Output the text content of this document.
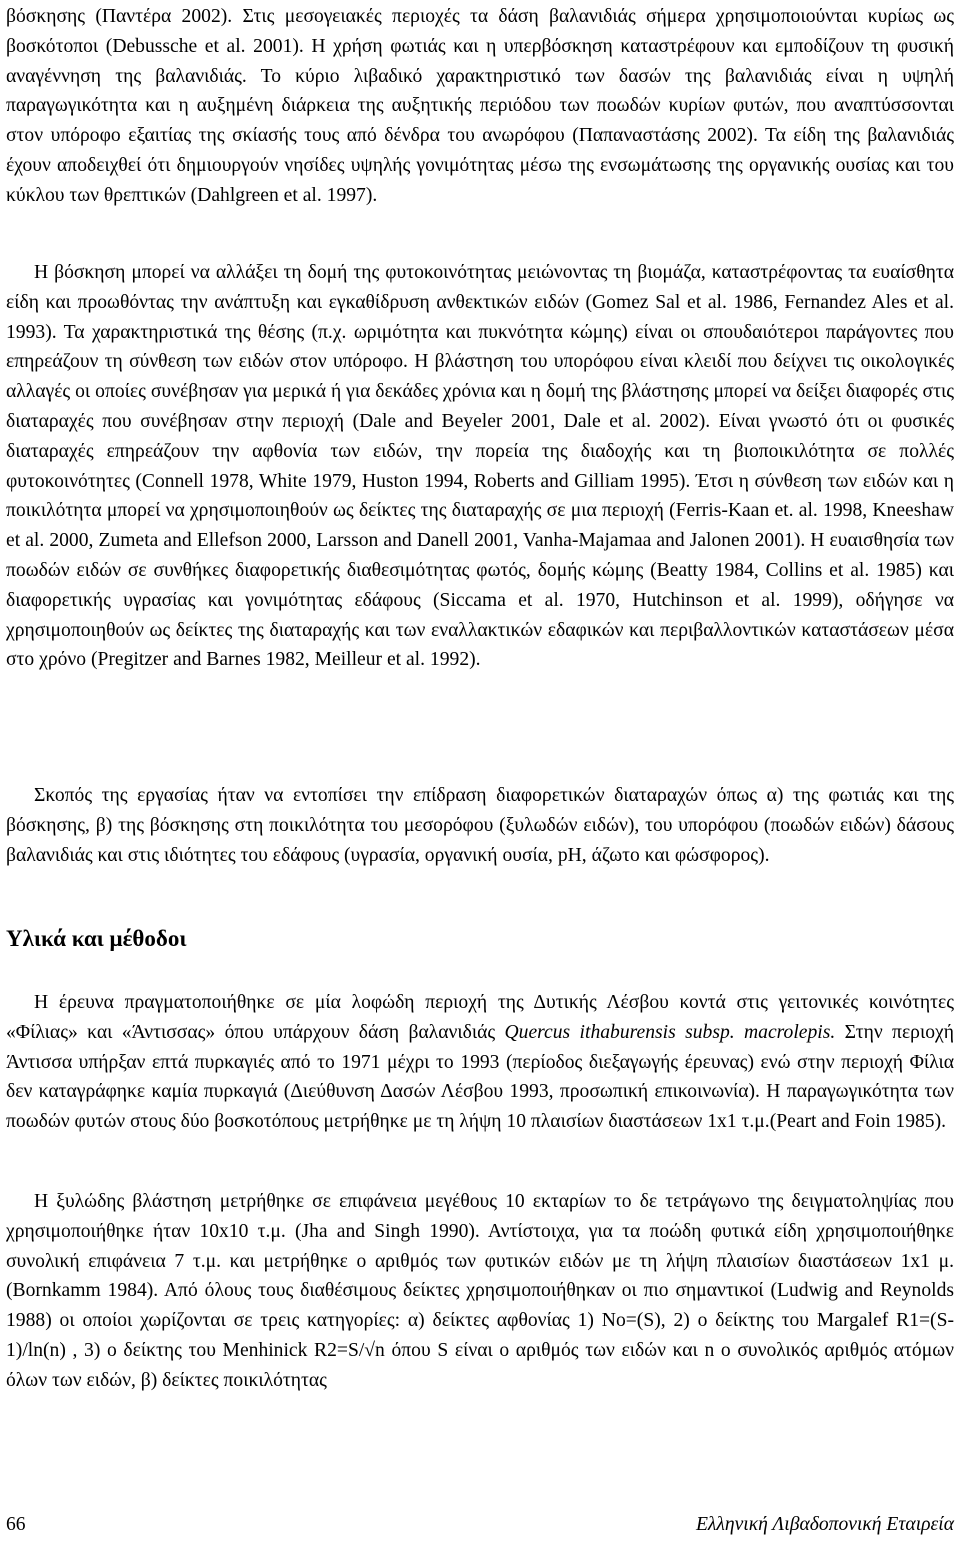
βόσκησης (Παντέρα 2002). Στις μεσογειακές περιοχές τα δάση βαλανιδιάς σήμερα χρησιμοποιούνται κυρίως ως βοσκότοποι (Debussche et al. 2001). Η χρήση φωτιάς και η υπερβόσκηση καταστρέφουν και εμποδίζουν τη φυσική αναγέννηση της βαλανιδιάς. Το κύριο λιβαδικό χαρακτηριστικό των δασών της βαλανιδιάς είναι η υψηλή παραγωγικότητα και η αυξημένη διάρκεια της αυξητικής περιόδου των ποωδών κυρίων φυτών, που αναπτύσσονται στον υπόροφο εξαιτίας της σκίασής τους από δένδρα του ανωρόφου (Παπαναστάσης 2002). Τα είδη της βαλανιδιάς έχουν αποδειχθεί ότι δημιουργούν νησίδες υψηλής γονιμότητας μέσω της ενσωμάτωσης της οργανικής ουσίας και του κύκλου των θρεπτικών (Dahlgreen et al. 1997).

Η βόσκηση μπορεί να αλλάξει τη δομή της φυτοκοινότητας μειώνοντας τη βιομάζα, καταστρέφοντας τα ευαίσθητα είδη και προωθόντας την ανάπτυξη και εγκαθίδρυση ανθεκτικών ειδών (Gomez Sal et al. 1986, Fernandez Ales et al. 1993). Τα χαρακτηριστικά της θέσης (π.χ. ωριμότητα και πυκνότητα κώμης) είναι οι σπουδαιότεροι παράγοντες που επηρεάζουν τη σύνθεση των ειδών στον υπόροφο. Η βλάστηση του υπορόφου είναι κλειδί που δείχνει τις οικολογικές αλλαγές οι οποίες συνέβησαν για μερικά ή για δεκάδες χρόνια και η δομή της βλάστησης μπορεί να δείξει διαφορές στις διαταραχές που συνέβησαν στην περιοχή (Dale and Beyeler 2001, Dale et al. 2002). Είναι γνωστό ότι οι φυσικές διαταραχές επηρεάζουν την αφθονία των ειδών, την πορεία της διαδοχής και τη βιοποικιλότητα σε πολλές φυτοκοινότητες (Connell 1978, White 1979, Huston 1994, Roberts and Gilliam 1995). Έτσι η σύνθεση των ειδών και η ποικιλότητα μπορεί να χρησιμοποιηθούν ως δείκτες της διαταραχής σε μια περιοχή (Ferris-Kaan et. al. 1998, Kneeshaw et al. 2000, Zumeta and Ellefson 2000, Larsson and Danell 2001, Vanha-Majamaa and Jalonen 2001). Η ευαισθησία των ποωδών ειδών σε συνθήκες διαφορετικής διαθεσιμότητας φωτός, δομής κώμης (Beatty 1984, Collins et al. 1985) και διαφορετικής υγρασίας και γονιμότητας εδάφους (Siccama et al. 1970, Hutchinson et al. 1999), οδήγησε να χρησιμοποιηθούν ως δείκτες της διαταραχής και των εναλλακτικών εδαφικών και περιβαλλοντικών καταστάσεων μέσα στο χρόνο (Pregitzer and Barnes 1982, Meilleur et al. 1992).

Σκοπός της εργασίας ήταν να εντοπίσει την επίδραση διαφορετικών διαταραχών όπως α) της φωτιάς και της βόσκησης, β) της βόσκησης στη ποικιλότητα του μεσορόφου (ξυλωδών ειδών), του υπορόφου (ποωδών ειδών) δάσους βαλανιδιάς και στις ιδιότητες του εδάφους (υγρασία, οργανική ουσία, pH, άζωτο και φώσφορος).

Υλικά και μέθοδοι

Η έρευνα πραγματοποιήθηκε σε μία λοφώδη περιοχή της Δυτικής Λέσβου κοντά στις γειτονικές κοινότητες «Φίλιας» και «Άντισσας» όπου υπάρχουν δάση βαλανιδιάς Quercus ithaburensis subsp. macrolepis. Στην περιοχή Άντισσα υπήρξαν επτά πυρκαγιές από το 1971 μέχρι το 1993 (περίοδος διεξαγωγής έρευνας) ενώ στην περιοχή Φίλια δεν καταγράφηκε καμία πυρκαγιά (Διεύθυνση Δασών Λέσβου 1993, προσωπική επικοινωνία). Η παραγωγικότητα των ποωδών φυτών στους δύο βοσκοτόπους μετρήθηκε με τη λήψη 10 πλαισίων διαστάσεων 1x1 τ.μ.(Peart and Foin 1985).

Η ξυλώδης βλάστηση μετρήθηκε σε επιφάνεια μεγέθους 10 εκταρίων το δε τετράγωνο της δειγματοληψίας που χρησιμοποιήθηκε ήταν 10x10 τ.μ. (Jha and Singh 1990). Αντίστοιχα, για τα ποώδη φυτικά είδη χρησιμοποιήθηκε συνολική επιφάνεια 7 τ.μ. και μετρήθηκε ο αριθμός των φυτικών ειδών με τη λήψη πλαισίων διαστάσεων 1x1 μ. (Bornkamm 1984). Από όλους τους διαθέσιμους δείκτες χρησιμοποιήθηκαν οι πιο σημαντικοί (Ludwig and Reynolds 1988) οι οποίοι χωρίζονται σε τρεις κατηγορίες: α) δείκτες αφθονίας 1) No=(S), 2) ο δείκτης του Margalef R1=(S-1)/ln(n) , 3) ο δείκτης του Menhinick R2=S/√n όπου S είναι ο αριθμός των ειδών και n ο συνολικός αριθμός ατόμων όλων των ειδών, β) δείκτες ποικιλότητας

66	Ελληνική Λιβαδοπονική Εταιρεία
